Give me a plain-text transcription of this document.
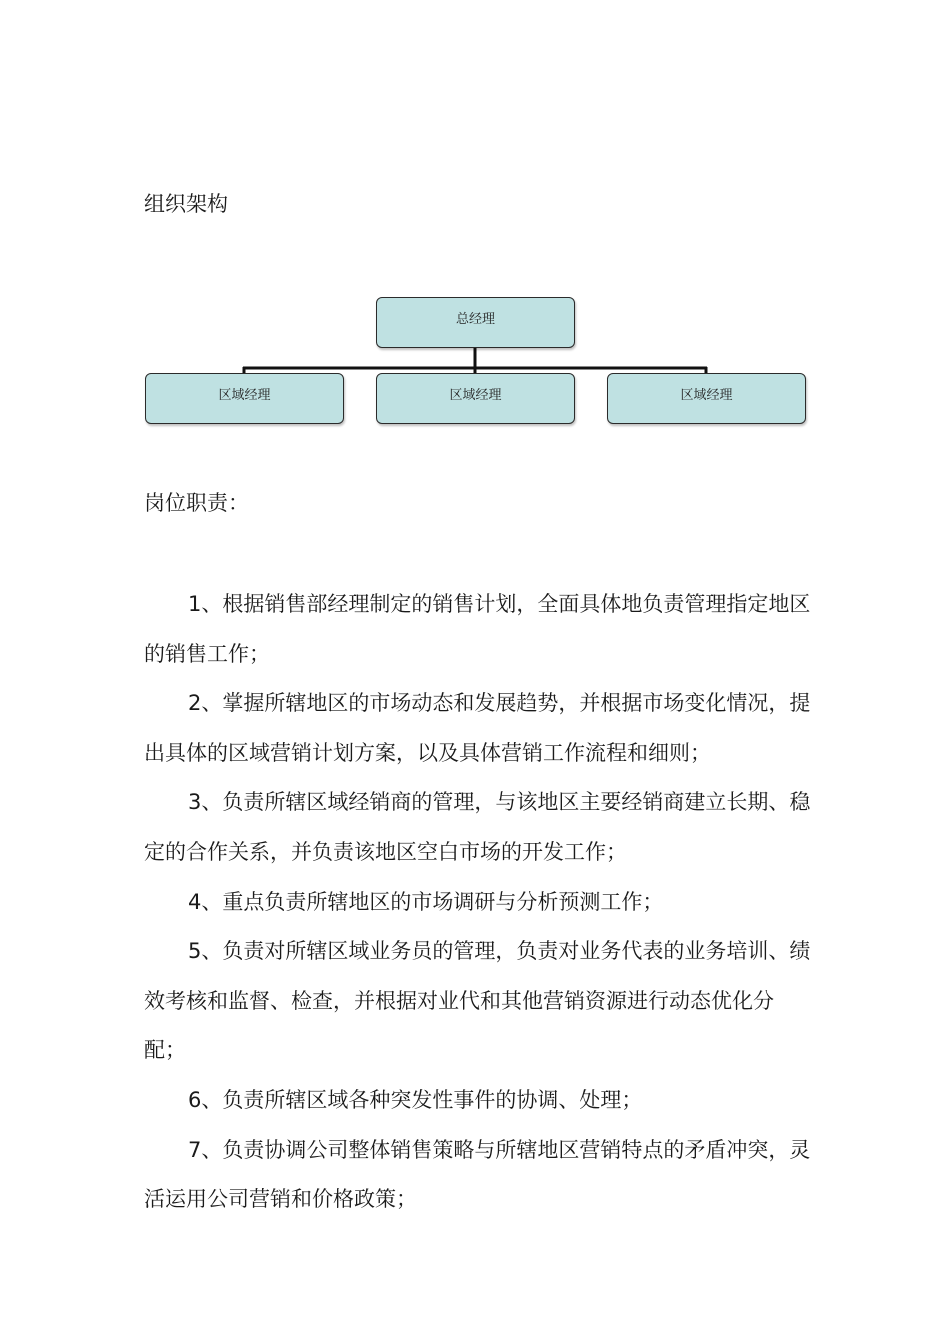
组织架构
总经理
区域经理	区域经理	区域经理
岗位职责：

1、根据销售部经理制定的销售计划，全面具体地负责管理指定地区的销售工作；

2、掌握所辖地区的市场动态和发展趋势，并根据市场变化情况，提出具体的区域营销计划方案，以及具体营销工作流程和细则；

3、负责所辖区域经销商的管理，与该地区主要经销商建立长期、稳定的合作关系，并负责该地区空白市场的开发工作；

4、重点负责所辖地区的市场调研与分析预测工作；

5、负责对所辖区域业务员的管理，负责对业务代表的业务培训、绩效考核和监督、检查，并根据对业代和其他营销资源进行动态优化分配；

6、负责所辖区域各种突发性事件的协调、处理；

7、负责协调公司整体销售策略与所辖地区营销特点的矛盾冲突，灵活运用公司营销和价格政策；
